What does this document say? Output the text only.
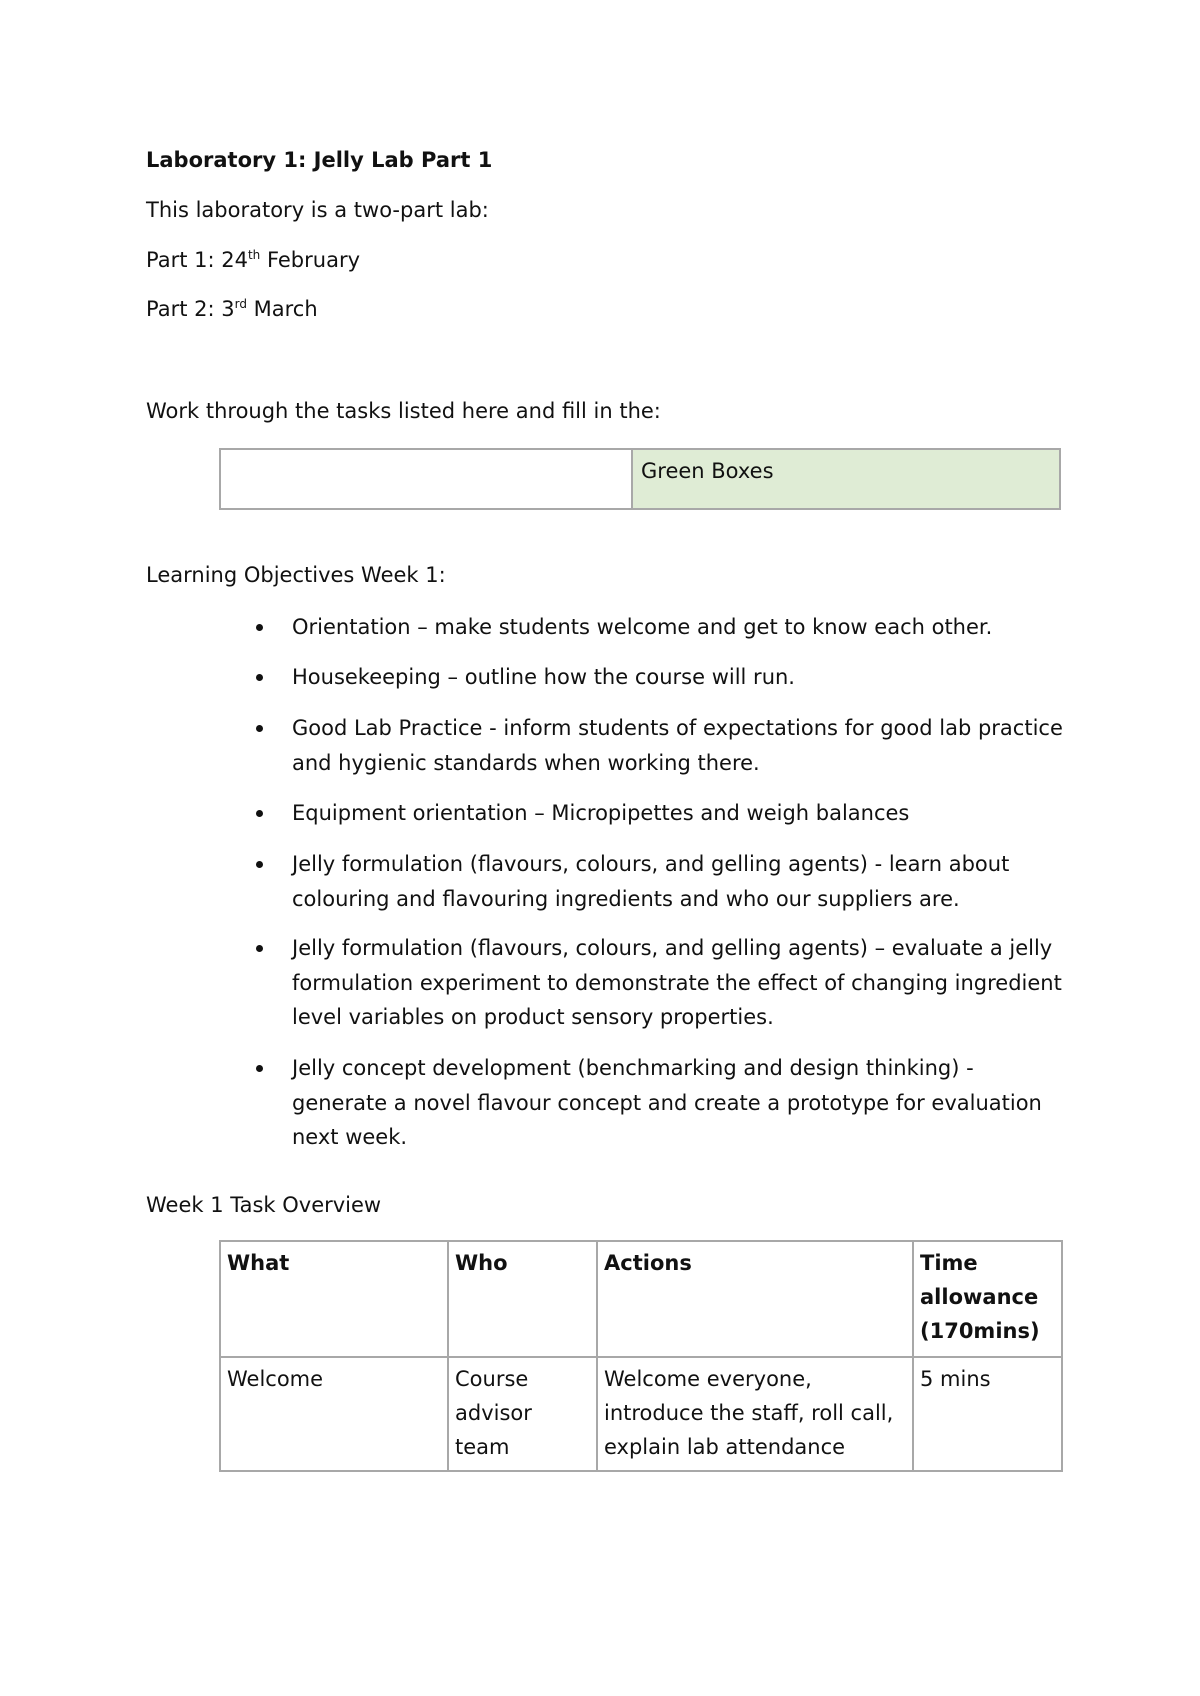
Laboratory 1: Jelly Lab Part 1
This laboratory is a two-part lab:
Part 1: 24th February
Part 2: 3rd March
Work through the tasks listed here and fill in the:
Green Boxes
Learning Objectives Week 1:
Orientation – make students welcome and get to know each other.
Housekeeping – outline how the course will run.
Good Lab Practice - inform students of expectations for good lab practice and hygienic standards when working there.
Equipment orientation – Micropipettes and weigh balances
Jelly formulation (flavours, colours, and gelling agents) - learn about colouring and flavouring ingredients and who our suppliers are.
Jelly formulation (flavours, colours, and gelling agents) – evaluate a jelly formulation experiment to demonstrate the effect of changing ingredient level variables on product sensory properties.
Jelly concept development (benchmarking and design thinking) - generate a novel flavour concept and create a prototype for evaluation next week.
Week 1 Task Overview
What	Who	Actions	Time allowance (170mins)
Welcome	Course advisor team	Welcome everyone, introduce the staff, roll call, explain lab attendance	5 mins
